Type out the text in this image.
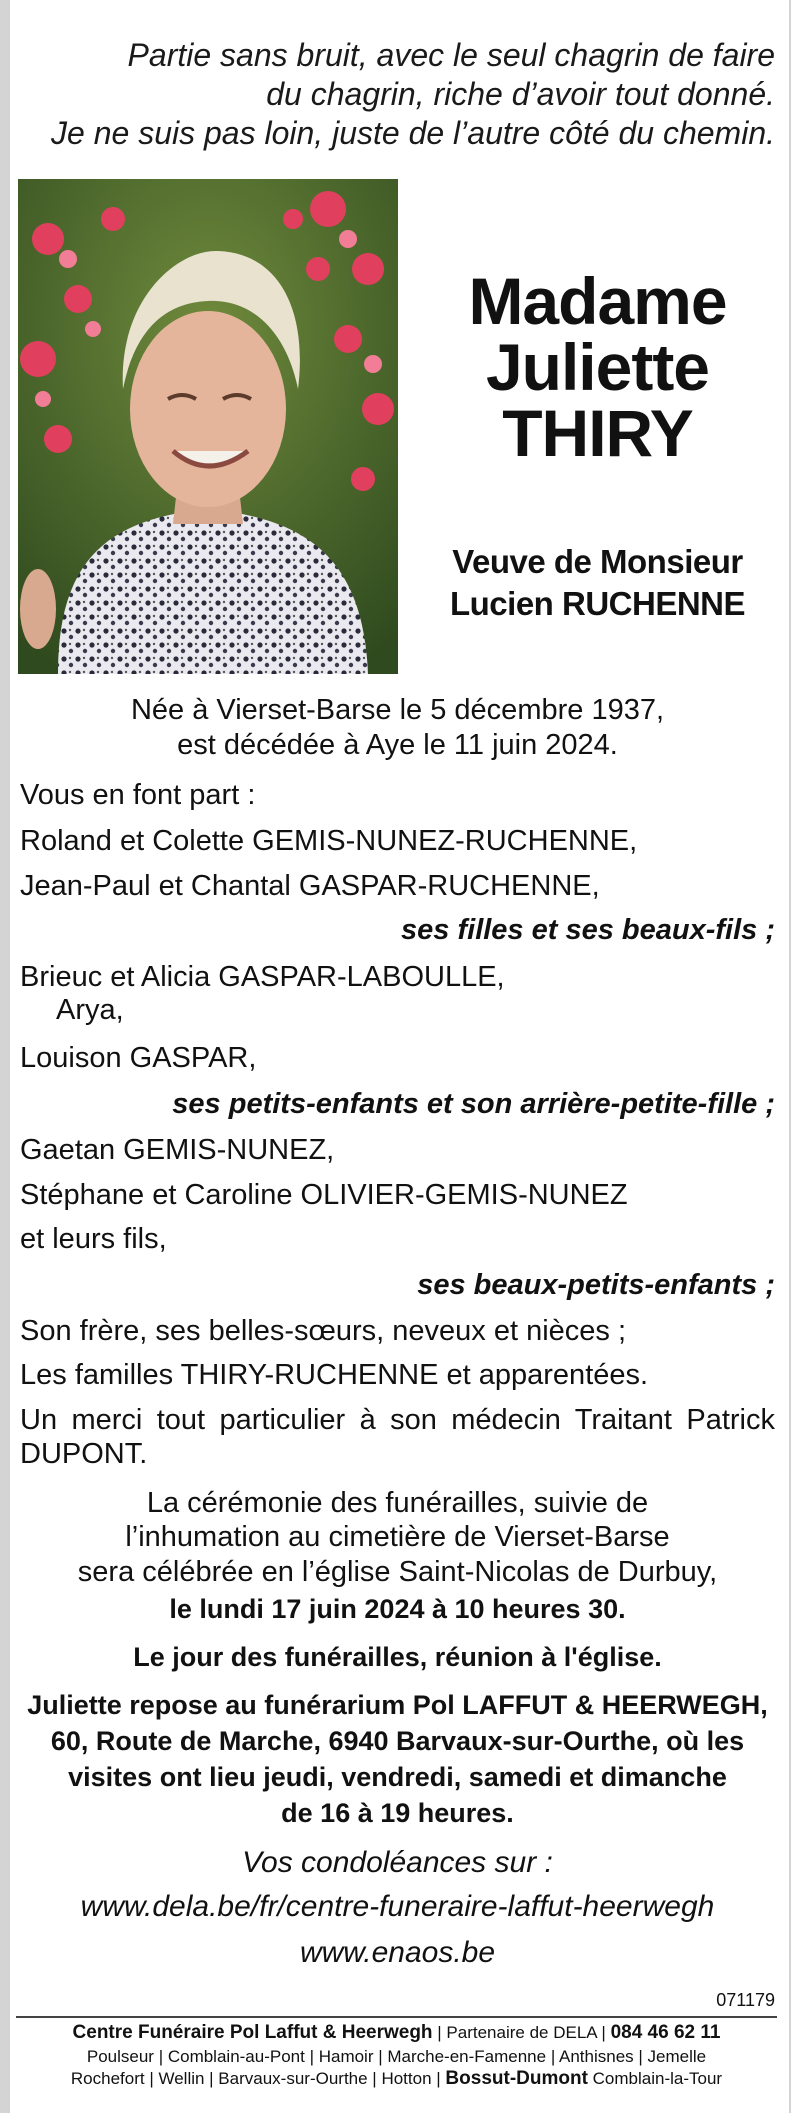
Partie sans bruit, avec le seul chagrin de faire
du chagrin, riche d’avoir tout donné.
Je ne suis pas loin, juste de l’autre côté du chemin.
Madame
Juliette
THIRY
Veuve de Monsieur
Lucien RUCHENNE
Née à Vierset-Barse le 5 décembre 1937,
est décédée à Aye le 11 juin 2024.
Vous en font part :
Roland et Colette GEMIS-NUNEZ-RUCHENNE,
Jean-Paul et Chantal GASPAR-RUCHENNE,
ses filles et ses beaux-fils ;
Brieuc et Alicia GASPAR-LABOULLE,
Arya,
Louison GASPAR,
ses petits-enfants et son arrière-petite-fille ;
Gaetan GEMIS-NUNEZ,
Stéphane et Caroline OLIVIER-GEMIS-NUNEZ
et leurs fils,
ses beaux-petits-enfants ;
Son frère, ses belles-sœurs, neveux et nièces ;
Les familles THIRY-RUCHENNE et apparentées.
Un merci tout particulier à son médecin Traitant Patrick DUPONT.
La cérémonie des funérailles, suivie de
l’inhumation au cimetière de Vierset-Barse
sera célébrée en l’église Saint-Nicolas de Durbuy,
le lundi 17 juin 2024 à 10 heures 30.
Le jour des funérailles, réunion à l'église.
Juliette repose au funérarium Pol LAFFUT & HEERWEGH,
60, Route de Marche, 6940 Barvaux-sur-Ourthe, où les
visites ont lieu jeudi, vendredi, samedi et dimanche
de 16 à 19 heures.
Vos condoléances sur :
www.dela.be/fr/centre-funeraire-laffut-heerwegh
www.enaos.be
071179
Centre Funéraire Pol Laffut & Heerwegh | Partenaire de DELA | 084 46 62 11
Poulseur | Comblain-au-Pont | Hamoir | Marche-en-Famenne | Anthisnes | Jemelle
Rochefort | Wellin | Barvaux-sur-Ourthe | Hotton | Bossut-Dumont Comblain-la-Tour
